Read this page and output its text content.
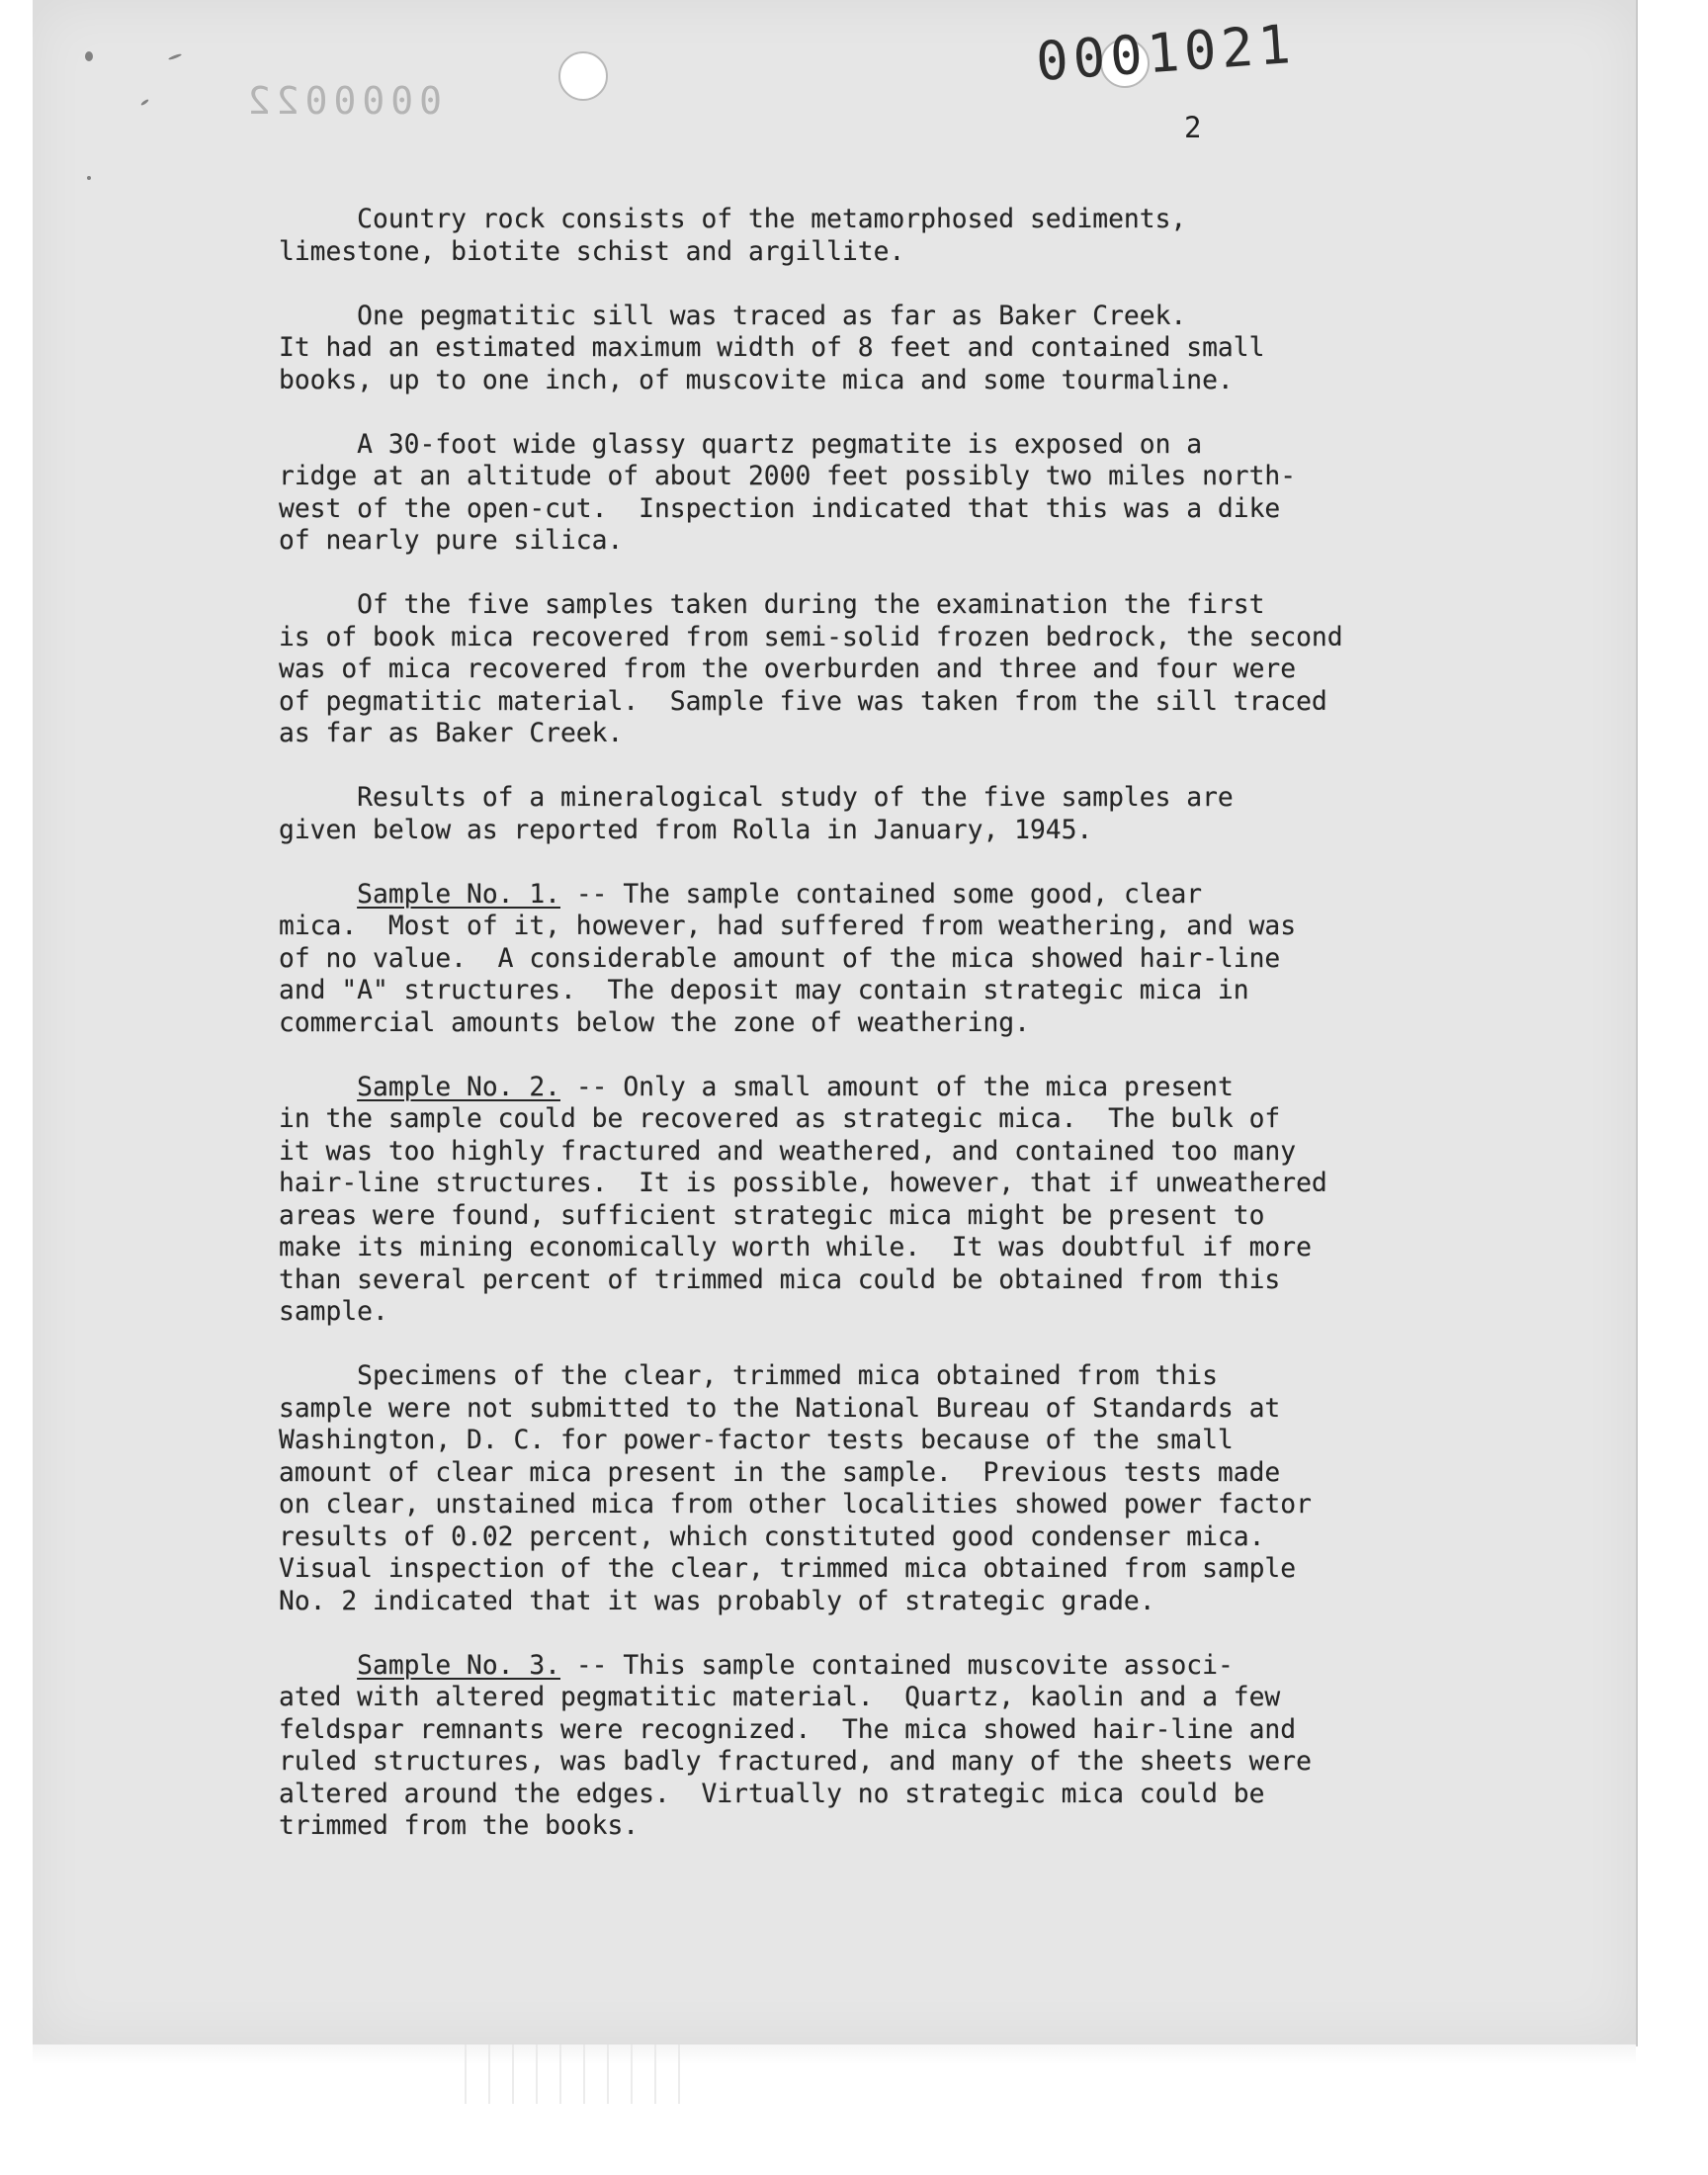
0000022
0001021
2
Country rock consists of the metamorphosed sediments,
limestone, biotite schist and argillite.
One pegmatitic sill was traced as far as Baker Creek.
It had an estimated maximum width of 8 feet and contained small
books, up to one inch, of muscovite mica and some tourmaline.
A 30-foot wide glassy quartz pegmatite is exposed on a
ridge at an altitude of about 2000 feet possibly two miles north-
west of the open-cut.  Inspection indicated that this was a dike
of nearly pure silica.
Of the five samples taken during the examination the first
is of book mica recovered from semi-solid frozen bedrock, the second
was of mica recovered from the overburden and three and four were
of pegmatitic material.  Sample five was taken from the sill traced
as far as Baker Creek.
Results of a mineralogical study of the five samples are
given below as reported from Rolla in January, 1945.
Sample No. 1. -- The sample contained some good, clear
mica.  Most of it, however, had suffered from weathering, and was
of no value.  A considerable amount of the mica showed hair-line
and "A" structures.  The deposit may contain strategic mica in
commercial amounts below the zone of weathering.
Sample No. 2. -- Only a small amount of the mica present
in the sample could be recovered as strategic mica.  The bulk of
it was too highly fractured and weathered, and contained too many
hair-line structures.  It is possible, however, that if unweathered
areas were found, sufficient strategic mica might be present to
make its mining economically worth while.  It was doubtful if more
than several percent of trimmed mica could be obtained from this
sample.
Specimens of the clear, trimmed mica obtained from this
sample were not submitted to the National Bureau of Standards at
Washington, D. C. for power-factor tests because of the small
amount of clear mica present in the sample.  Previous tests made
on clear, unstained mica from other localities showed power factor
results of 0.02 percent, which constituted good condenser mica.
Visual inspection of the clear, trimmed mica obtained from sample
No. 2 indicated that it was probably of strategic grade.
Sample No. 3. -- This sample contained muscovite associ-
ated with altered pegmatitic material.  Quartz, kaolin and a few
feldspar remnants were recognized.  The mica showed hair-line and
ruled structures, was badly fractured, and many of the sheets were
altered around the edges.  Virtually no strategic mica could be
trimmed from the books.
